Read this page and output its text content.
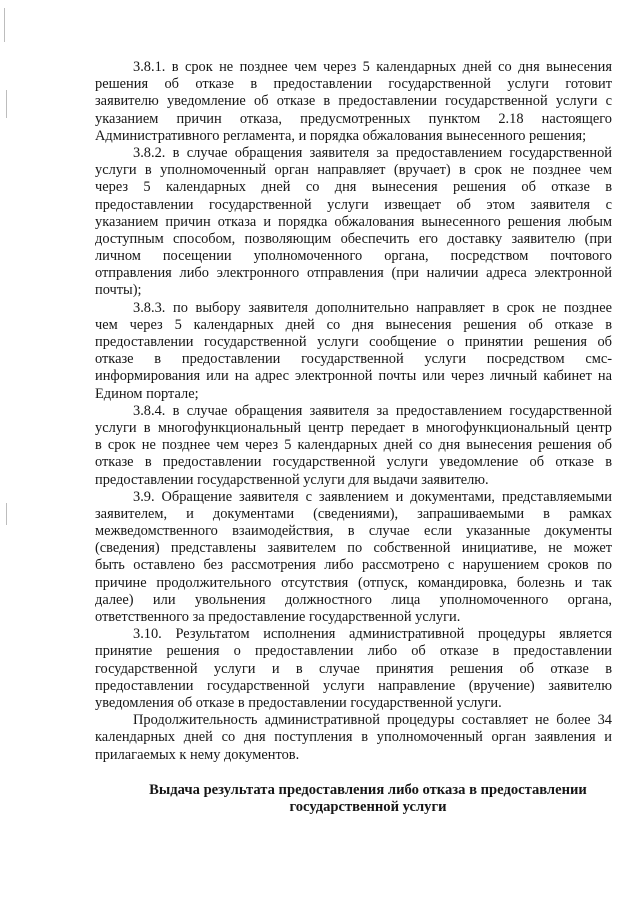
3.8.1. в срок не позднее чем через 5 календарных дней со дня вынесения
решения об отказе в предоставлении государственной услуги готовит
заявителю уведомление об отказе в предоставлении государственной услуги с
указанием причин отказа, предусмотренных пунктом 2.18 настоящего
Административного регламента, и порядка обжалования вынесенного решения;
3.8.2. в случае обращения заявителя за предоставлением государственной
услуги в уполномоченный орган направляет (вручает) в срок не позднее чем
через 5 календарных дней со дня вынесения решения об отказе в
предоставлении государственной услуги извещает об этом заявителя с
указанием причин отказа и порядка обжалования вынесенного решения любым
доступным способом, позволяющим обеспечить его доставку заявителю (при
личном посещении уполномоченного органа, посредством почтового
отправления либо электронного отправления (при наличии адреса электронной
почты);
3.8.3. по выбору заявителя дополнительно направляет в срок не позднее
чем через 5 календарных дней со дня вынесения решения об отказе в
предоставлении государственной услуги сообщение о принятии решения об
отказе в предоставлении государственной услуги посредством смс-
информирования или на адрес электронной почты или через личный кабинет на
Едином портале;
3.8.4. в случае обращения заявителя за предоставлением государственной
услуги в многофункциональный центр передает в многофункциональный центр
в срок не позднее чем через 5 календарных дней со дня вынесения решения об
отказе в предоставлении государственной услуги уведомление об отказе в
предоставлении государственной услуги для выдачи заявителю.
3.9. Обращение заявителя с заявлением и документами, представляемыми
заявителем, и документами (сведениями), запрашиваемыми в рамках
межведомственного взаимодействия, в случае если указанные документы
(сведения) представлены заявителем по собственной инициативе, не может
быть оставлено без рассмотрения либо рассмотрено с нарушением сроков по
причине продолжительного отсутствия (отпуск, командировка, болезнь и так
далее) или увольнения должностного лица уполномоченного органа,
ответственного за предоставление государственной услуги.
3.10. Результатом исполнения административной процедуры является
принятие решения о предоставлении либо об отказе в предоставлении
государственной услуги и в случае принятия решения об отказе в
предоставлении государственной услуги направление (вручение) заявителю
уведомления об отказе в предоставлении государственной услуги.
Продолжительность административной процедуры составляет не более 34
календарных дней со дня поступления в уполномоченный орган заявления и
прилагаемых к нему документов.
Выдача результата предоставления либо отказа в предоставлении
государственной услуги
